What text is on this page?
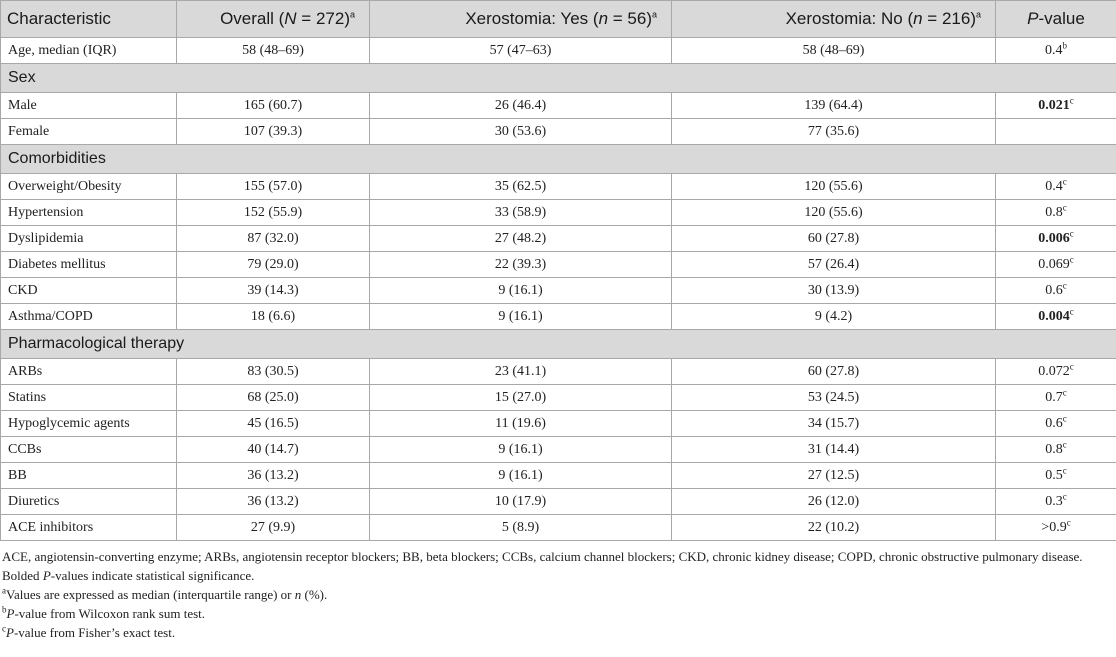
Characteristic	Overall (N = 272)$^a$	Xerostomia: Yes (n = 56)$^a$	Xerostomia: No (n = 216)$^a$	P-value
Age, median (IQR)	58 (48–69)	57 (47–63)	58 (48–69)	0.4$^b$
Sex				
Male	165 (60.7)	26 (46.4)	139 (64.4)	0.021$^c$
Female	107 (39.3)	30 (53.6)	77 (35.6)	
Comorbidities				
Overweight/Obesity	155 (57.0)	35 (62.5)	120 (55.6)	0.4$^c$
Hypertension	152 (55.9)	33 (58.9)	120 (55.6)	0.8$^c$
Dyslipidemia	87 (32.0)	27 (48.2)	60 (27.8)	0.006$^c$
Diabetes mellitus	79 (29.0)	22 (39.3)	57 (26.4)	0.069$^c$
CKD	39 (14.3)	9 (16.1)	30 (13.9)	0.6$^c$
Asthma/COPD	18 (6.6)	9 (16.1)	9 (4.2)	0.004$^c$
Pharmacological therapy				
ARBs	83 (30.5)	23 (41.1)	60 (27.8)	0.072$^c$
Statins	68 (25.0)	15 (27.0)	53 (24.5)	0.7$^c$
Hypoglycemic agents	45 (16.5)	11 (19.6)	34 (15.7)	0.6$^c$
CCBs	40 (14.7)	9 (16.1)	31 (14.4)	0.8$^c$
BB	36 (13.2)	9 (16.1)	27 (12.5)	0.5$^c$
Diuretics	36 (13.2)	10 (17.9)	26 (12.0)	0.3$^c$
ACE inhibitors	27 (9.9)	5 (8.9)	22 (10.2)	>0.9$^c$

ACE, angiotensin-converting enzyme; ARBs, angiotensin receptor blockers; BB, beta blockers; CCBs, calcium channel blockers; CKD, chronic kidney disease; COPD, chronic obstructive pulmonary disease.

Bolded P-values indicate statistical significance.

$^a$Values are expressed as median (interquartile range) or n (%).

$^b$P-value from Wilcoxon rank sum test.

$^c$P-value from Fisher’s exact test.
